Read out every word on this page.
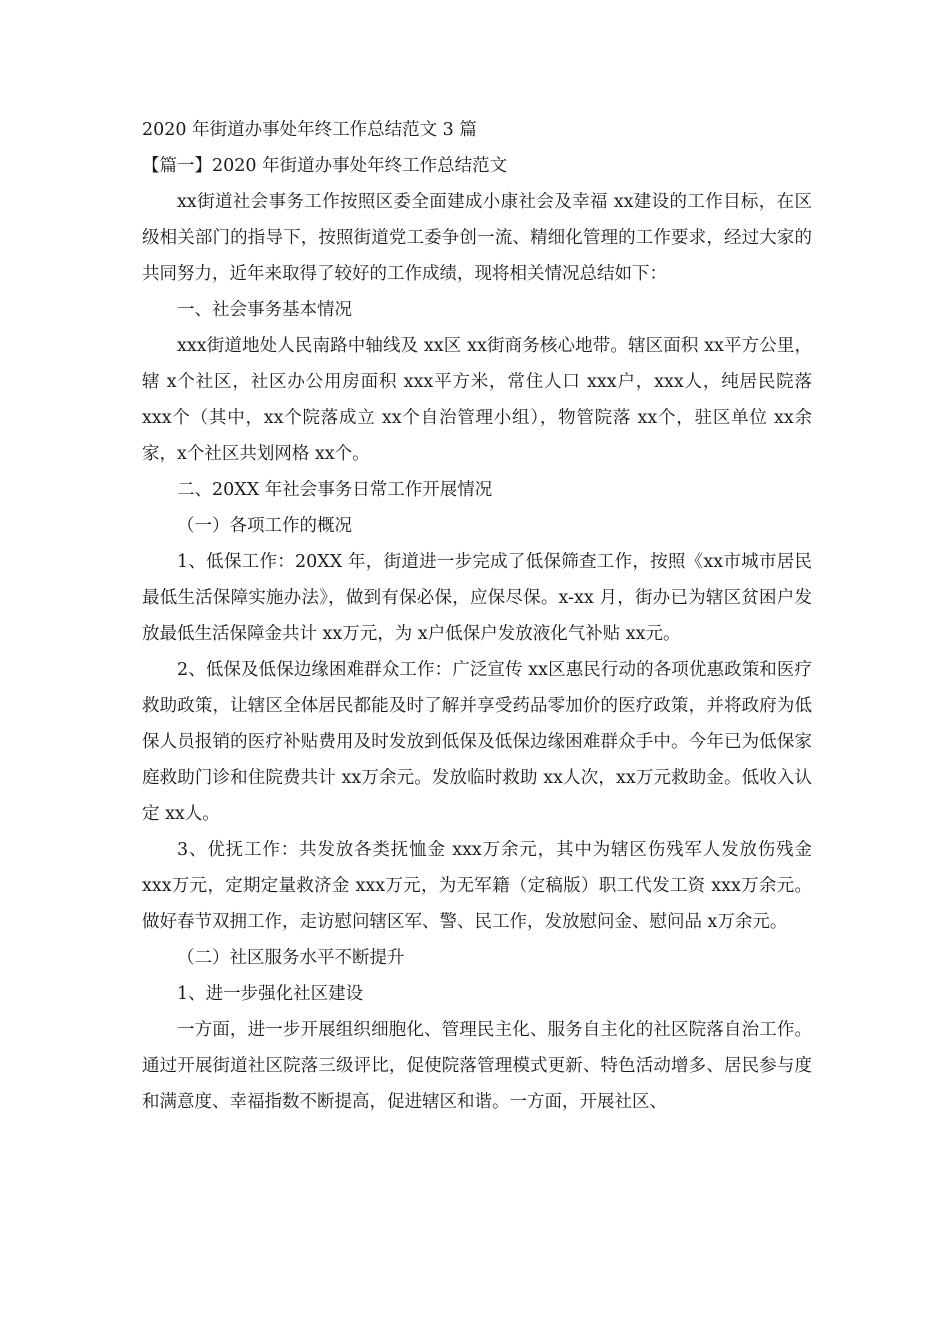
2020 年街道办事处年终工作总结范文 3 篇

【篇一】2020 年街道办事处年终工作总结范文

xx街道社会事务工作按照区委全面建成小康社会及幸福 xx建设的工作目标，在区级相关部门的指导下，按照街道党工委争创一流、精细化管理的工作要求，经过大家的共同努力，近年来取得了较好的工作成绩，现将相关情况总结如下：

一、社会事务基本情况

xxx街道地处人民南路中轴线及 xx区 xx街商务核心地带。辖区面积 xx平方公里，辖 x个社区，社区办公用房面积 xxx平方米，常住人口 xxx户，xxx人，纯居民院落 xxx个（其中，xx个院落成立 xx个自治管理小组），物管院落 xx个，驻区单位 xx余家，x个社区共划网格 xx个。

二、20XX 年社会事务日常工作开展情况

（一）各项工作的概况

1、低保工作：20XX 年，街道进一步完成了低保筛查工作，按照《xx市城市居民最低生活保障实施办法》，做到有保必保，应保尽保。x-xx 月，街办已为辖区贫困户发放最低生活保障金共计 xx万元，为 x户低保户发放液化气补贴 xx元。

2、低保及低保边缘困难群众工作：广泛宣传 xx区惠民行动的各项优惠政策和医疗救助政策，让辖区全体居民都能及时了解并享受药品零加价的医疗政策，并将政府为低保人员报销的医疗补贴费用及时发放到低保及低保边缘困难群众手中。今年已为低保家庭救助门诊和住院费共计 xx万余元。发放临时救助 xx人次，xx万元救助金。低收入认定 xx人。

3、优抚工作：共发放各类抚恤金 xxx万余元，其中为辖区伤残军人发放伤残金 xxx万元，定期定量救济金 xxx万元，为无军籍（定稿版）职工代发工资 xxx万余元。做好春节双拥工作，走访慰问辖区军、警、民工作，发放慰问金、慰问品 x万余元。

（二）社区服务水平不断提升

1、进一步强化社区建设

一方面，进一步开展组织细胞化、管理民主化、服务自主化的社区院落自治工作。通过开展街道社区院落三级评比，促使院落管理模式更新、特色活动增多、居民参与度和满意度、幸福指数不断提高，促进辖区和谐。一方面，开展社区、
